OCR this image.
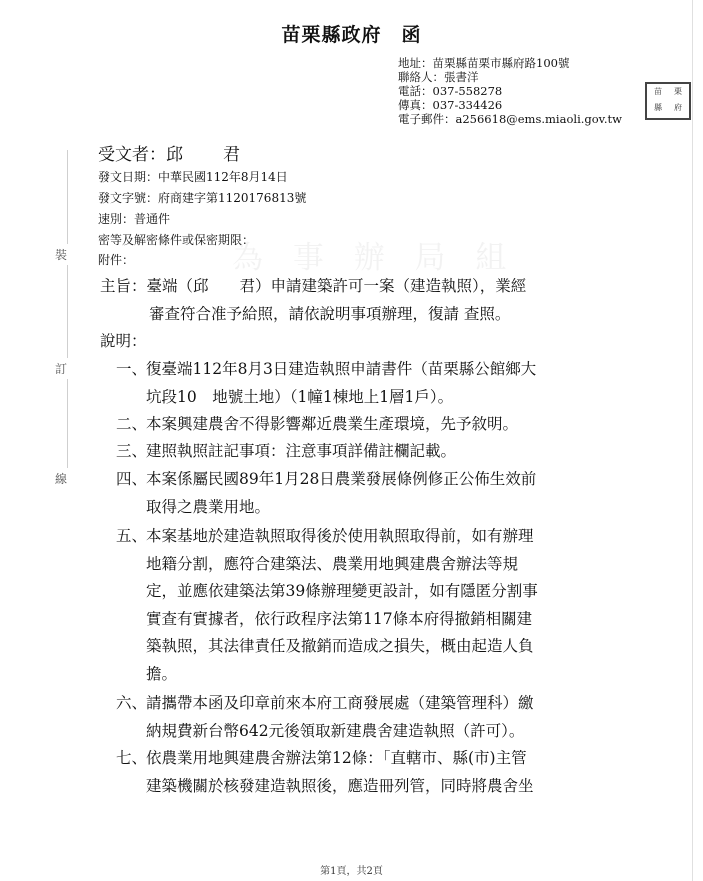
苗栗縣政府　函
地址：苗栗縣苗栗市縣府路100號
聯絡人：張書洋
電話：037-558278
傳真：037-334426
電子郵件：a256618@ems.miaoli.gov.tw
苗	栗
縣	府
裝
訂
線
為 事 辦 局 組
受文者：邱 君
發文日期：中華民國112年8月14日
發文字號：府商建字第1120176813號
速別：普通件
密等及解密條件或保密期限：
附件：
主旨：臺端（邱　　君）申請建築許可一案（建造執照），業經
審查符合准予給照，請依說明事項辦理，復請 查照。
說明：
一、
復臺端112年8月3日建造執照申請書件（苗栗縣公館鄉大
坑段10　地號土地）（1幢1棟地上1層1戶）。
二、
本案興建農舍不得影響鄰近農業生產環境，先予敘明。
三、
建照執照註記事項：注意事項詳備註欄記載。
四、
本案係屬民國89年1月28日農業發展條例修正公佈生效前
取得之農業用地。
五、
本案基地於建造執照取得後於使用執照取得前，如有辦理
地籍分割，應符合建築法、農業用地興建農舍辦法等規
定，並應依建築法第39條辦理變更設計，如有隱匿分割事
實查有實據者，依行政程序法第117條本府得撤銷相關建
築執照，其法律責任及撤銷而造成之損失，概由起造人負
擔。
六、
請攜帶本函及印章前來本府工商發展處（建築管理科）繳
納規費新台幣642元後領取新建農舍建造執照（許可）。
七、
依農業用地興建農舍辦法第12條：「直轄市、縣(市)主管
建築機關於核發建造執照後，應造冊列管，同時將農舍坐
第1頁，共2頁
